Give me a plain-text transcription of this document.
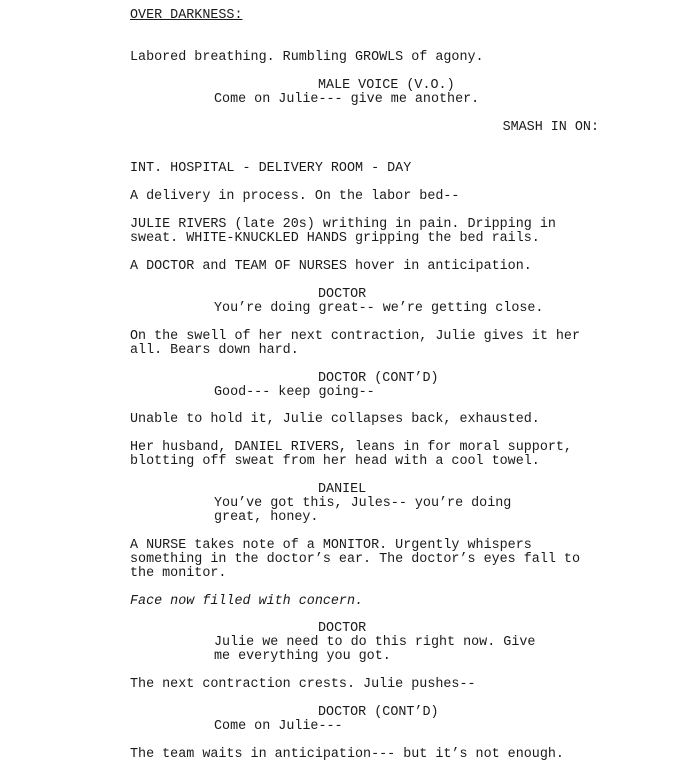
OVER DARKNESS:
Labored breathing. Rumbling GROWLS of agony.
MALE VOICE (V.O.)
Come on Julie--- give me another.
SMASH IN ON:
INT. HOSPITAL - DELIVERY ROOM - DAY
A delivery in process. On the labor bed--
JULIE RIVERS (late 20s) writhing in pain. Dripping in
sweat. WHITE-KNUCKLED HANDS gripping the bed rails.
A DOCTOR and TEAM OF NURSES hover in anticipation.
DOCTOR
You’re doing great-- we’re getting close.
On the swell of her next contraction, Julie gives it her
all. Bears down hard.
DOCTOR (CONT’D)
Good--- keep going--
Unable to hold it, Julie collapses back, exhausted.
Her husband, DANIEL RIVERS, leans in for moral support,
blotting off sweat from her head with a cool towel.
DANIEL
You’ve got this, Jules-- you’re doing
great, honey.
A NURSE takes note of a MONITOR. Urgently whispers
something in the doctor’s ear. The doctor’s eyes fall to
the monitor.
Face now filled with concern.
DOCTOR
Julie we need to do this right now. Give
me everything you got.
The next contraction crests. Julie pushes--
DOCTOR (CONT’D)
Come on Julie---
The team waits in anticipation--- but it’s not enough.
